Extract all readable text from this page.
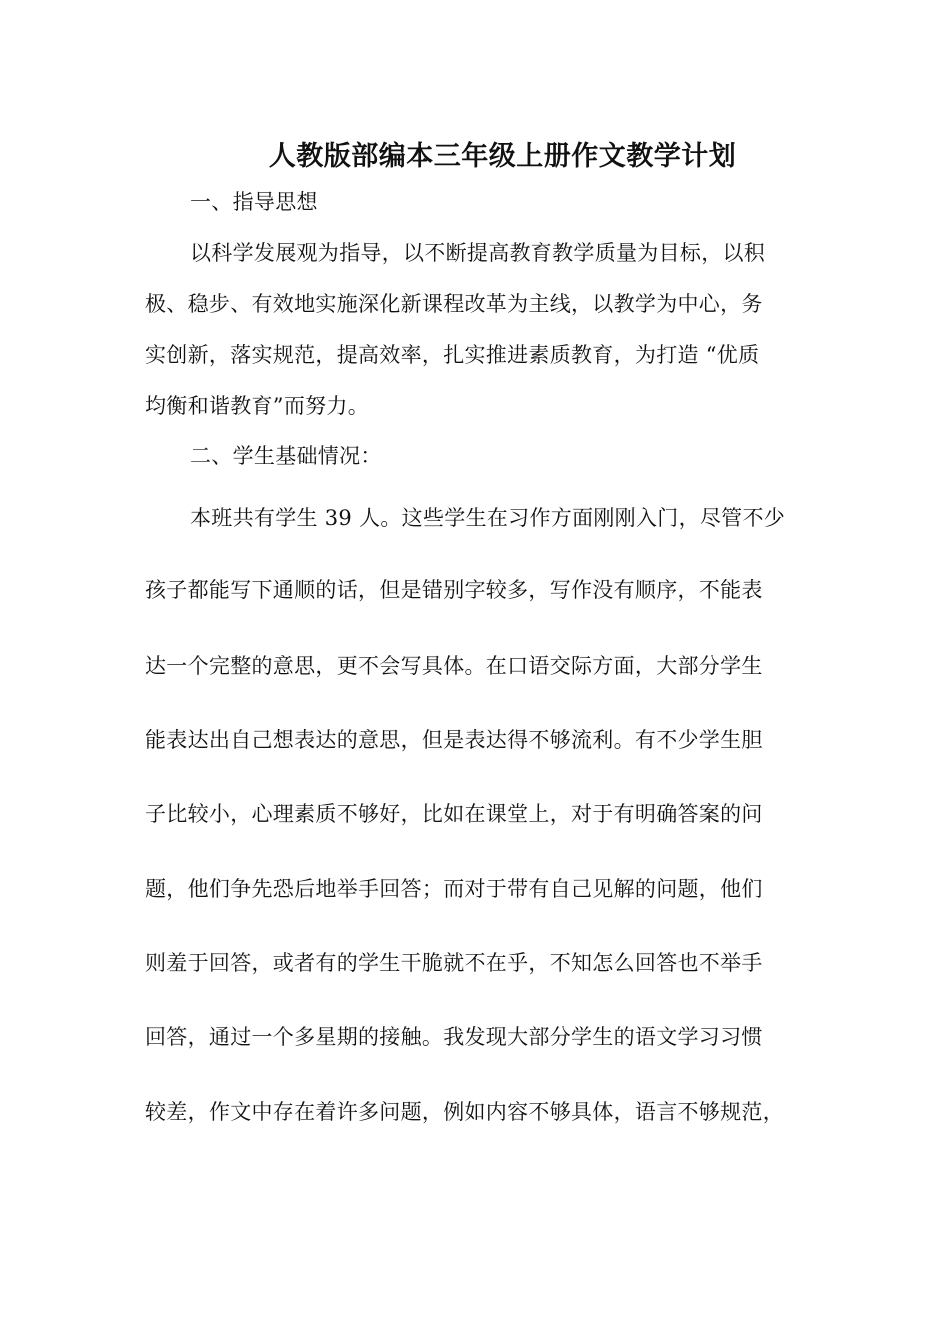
人教版部编本三年级上册作文教学计划
一、指导思想
以科学发展观为指导，以不断提高教育教学质量为目标，以积
极、稳步、有效地实施深化新课程改革为主线，以教学为中心，务
实创新，落实规范，提高效率，扎实推进素质教育，为打造 “优质
均衡和谐教育”而努力。
二、学生基础情况：
本班共有学生 39 人。这些学生在习作方面刚刚入门，尽管不少
孩子都能写下通顺的话，但是错别字较多，写作没有顺序，不能表
达一个完整的意思，更不会写具体。在口语交际方面，大部分学生
能表达出自己想表达的意思，但是表达得不够流利。有不少学生胆
子比较小，心理素质不够好，比如在课堂上，对于有明确答案的问
题，他们争先恐后地举手回答；而对于带有自己见解的问题，他们
则羞于回答，或者有的学生干脆就不在乎，不知怎么回答也不举手
回答，通过一个多星期的接触。我发现大部分学生的语文学习习惯
较差，作文中存在着许多问题，例如内容不够具体，语言不够规范，
